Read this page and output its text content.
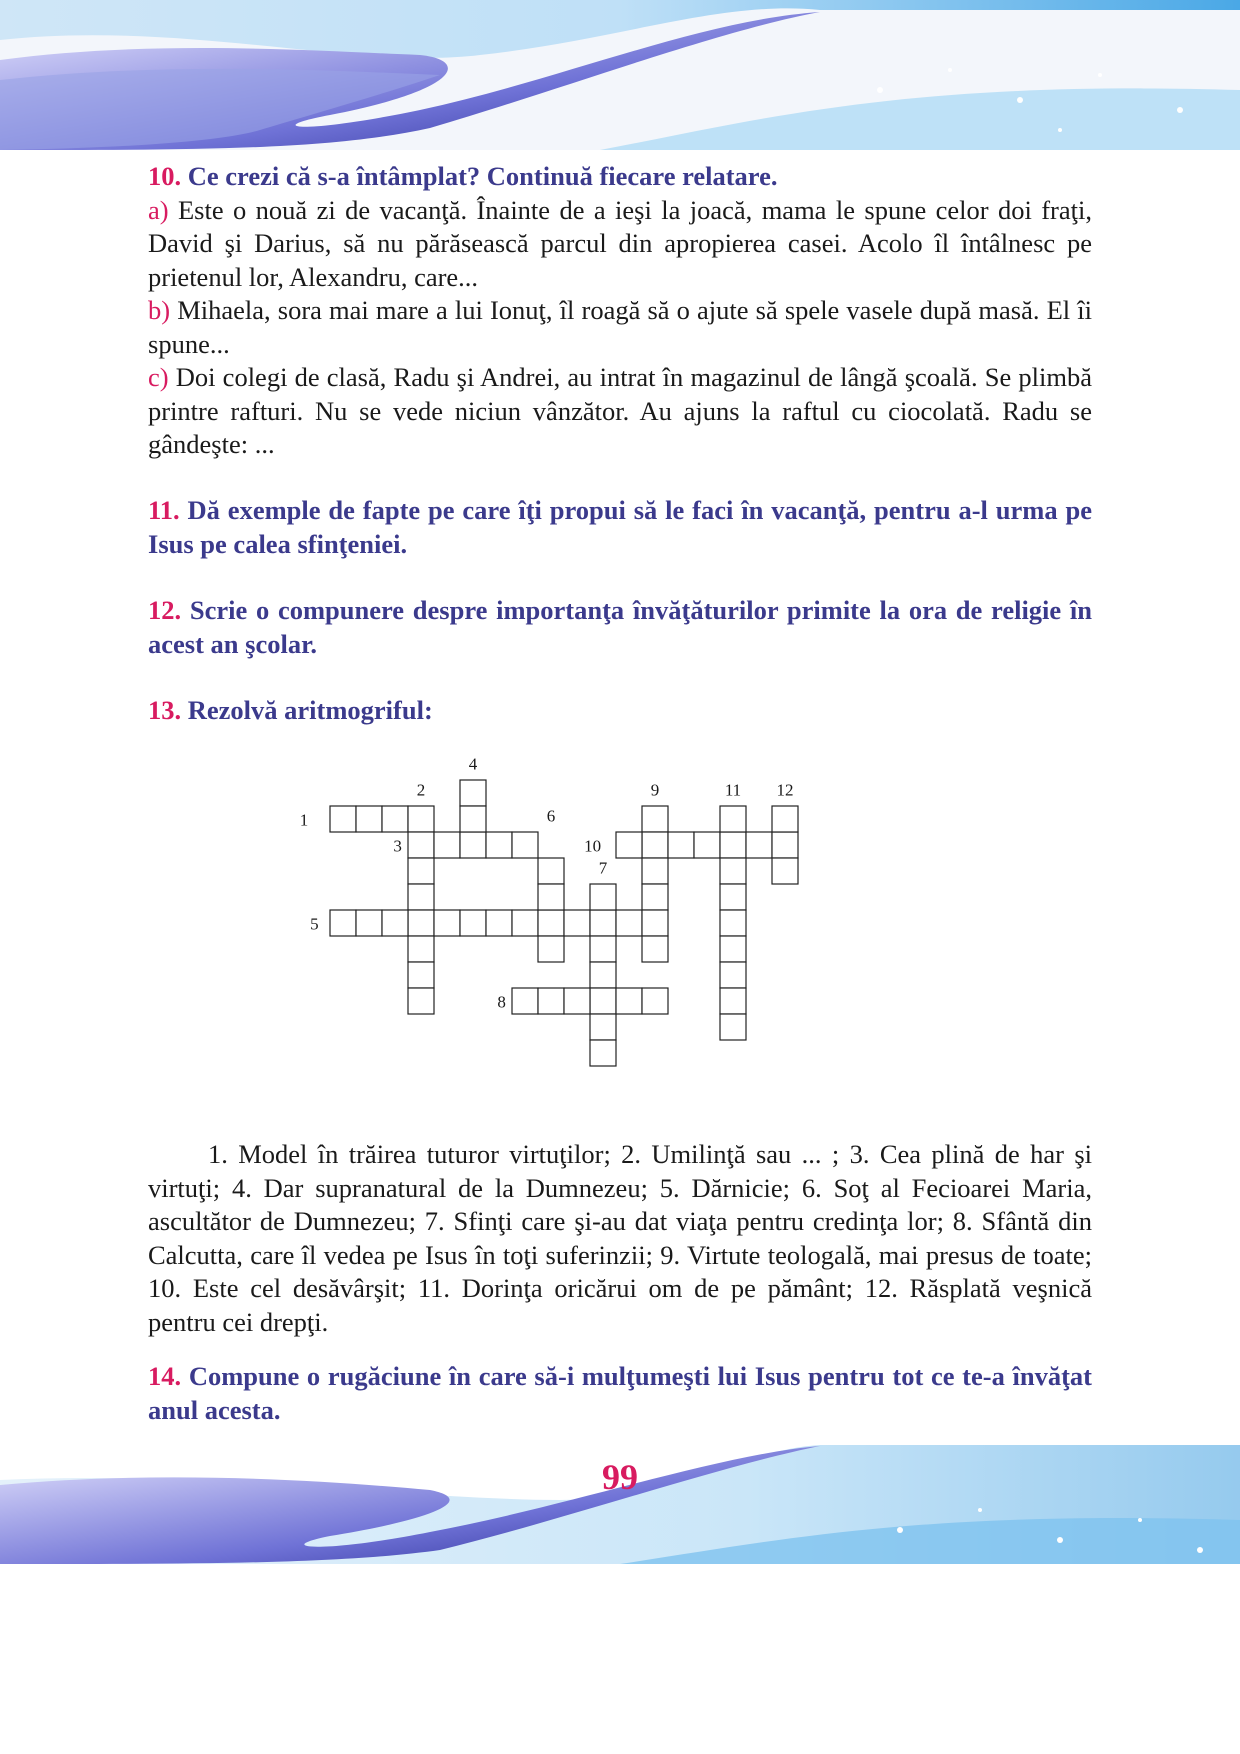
10. Ce crezi că s-a întâmplat? Continuă fiecare relatare.

a) Este o nouă zi de vacanţă. Înainte de a ieşi la joacă, mama le spune celor doi fraţi, David şi Darius, să nu părăsească parcul din apropierea casei. Acolo îl întâlnesc pe prietenul lor, Alexandru, care...

b) Mihaela, sora mai mare a lui Ionuţ, îl roagă să o ajute să spele vasele după masă. El îi spune...

c) Doi colegi de clasă, Radu şi Andrei, au intrat în magazinul de lângă şcoală. Se plimbă printre rafturi. Nu se vede niciun vânzător. Au ajuns la raftul cu ciocolată. Radu se gândeşte: ...

11. Dă exemple de fapte pe care îţi propui să le faci în vacanţă, pentru a-l urma pe Isus pe calea sfinţeniei.

12. Scrie o compunere despre importanţa învăţăturilor primite la ora de religie în acest an şcolar.

13. Rezolvă aritmogriful:

1
2
3
4
5
6
7
8
9
10
11 12

1. Model în trăirea tuturor virtuţilor; 2. Umilinţă sau ... ; 3. Cea plină de har şi virtuţi; 4. Dar supranatural de la Dumnezeu; 5. Dărnicie; 6. Soţ al Fecioarei Maria, ascultător de Dumnezeu; 7. Sfinţi care şi-au dat viaţa pentru credinţa lor; 8. Sfântă din Calcutta, care îl vedea pe Isus în toţi suferinzii; 9. Virtute teologală, mai presus de toate; 10. Este cel desăvârşit; 11. Dorinţa oricărui om de pe pământ; 12. Răsplată veşnică pentru cei drepţi.

14. Compune o rugăciune în care să-i mulţumeşti lui Isus pentru tot ce te-a învăţat anul acesta.

99
